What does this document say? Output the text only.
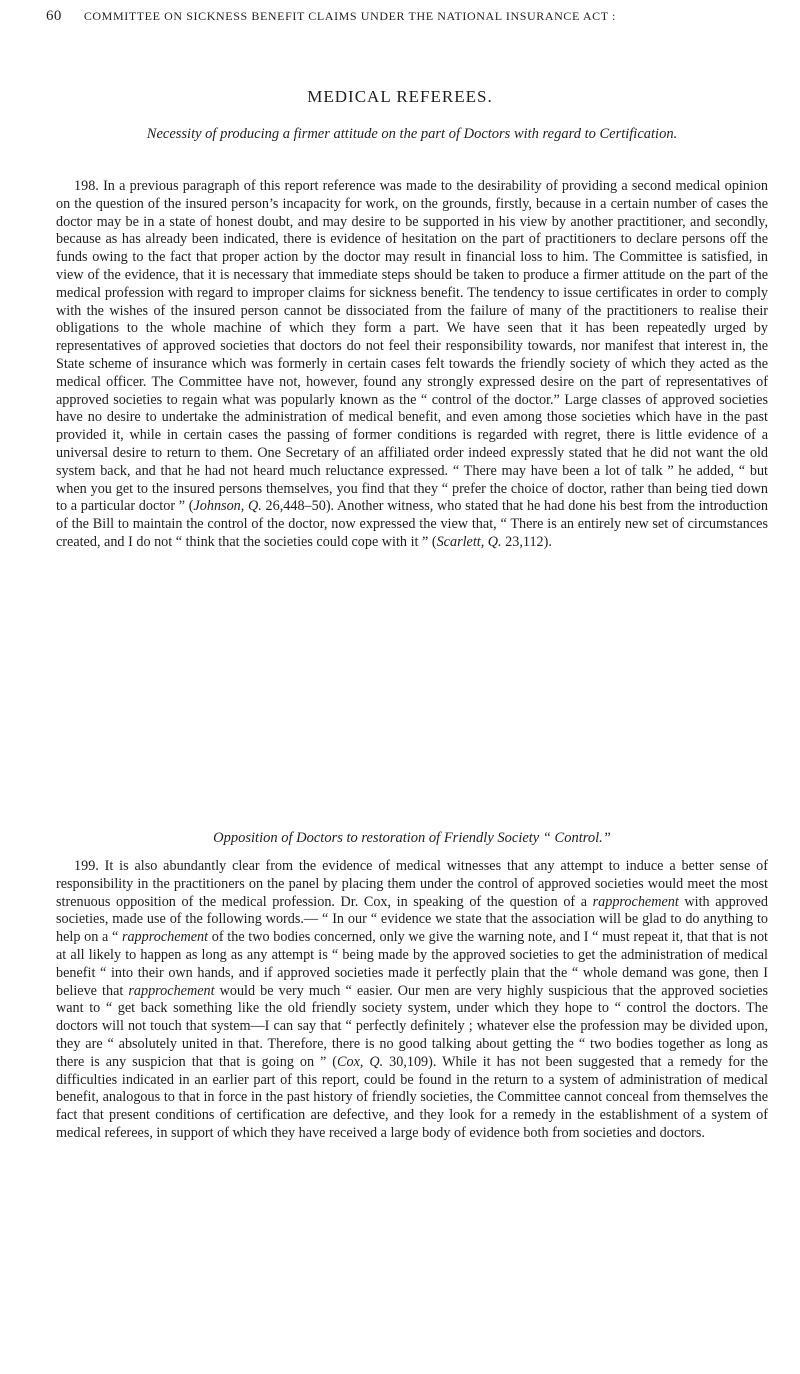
60 COMMITTEE ON SICKNESS BENEFIT CLAIMS UNDER THE NATIONAL INSURANCE ACT :
MEDICAL REFEREES.

Necessity of producing a firmer attitude on the part of Doctors with regard to Certification.

198. In a previous paragraph of this report reference was made to the desirability of providing a second medical opinion on the question of the insured person’s incapacity for work, on the grounds, firstly, because in a certain number of cases the doctor may be in a state of honest doubt, and may desire to be supported in his view by another practitioner, and secondly, because as has already been indicated, there is evidence of hesitation on the part of practitioners to declare persons off the funds owing to the fact that proper action by the doctor may result in financial loss to him. The Committee is satisfied, in view of the evidence, that it is necessary that immediate steps should be taken to produce a firmer attitude on the part of the medical profession with regard to improper claims for sickness benefit. The tendency to issue certificates in order to comply with the wishes of the insured person cannot be dissociated from the failure of many of the practitioners to realise their obligations to the whole machine of which they form a part. We have seen that it has been repeatedly urged by representatives of approved societies that doctors do not feel their responsibility towards, nor manifest that interest in, the State scheme of insurance which was formerly in certain cases felt towards the friendly society of which they acted as the medical officer. The Committee have not, however, found any strongly expressed desire on the part of representatives of approved societies to regain what was popularly known as the “ control of the doctor.” Large classes of approved societies have no desire to undertake the administration of medical benefit, and even among those societies which have in the past provided it, while in certain cases the passing of former conditions is regarded with regret, there is little evidence of a universal desire to return to them. One Secretary of an affiliated order indeed expressly stated that he did not want the old system back, and that he had not heard much reluctance expressed. “ There may have been a lot of talk ” he added, “ but when you get to the insured persons themselves, you find that they “ prefer the choice of doctor, rather than being tied down to a particular doctor ” (Johnson, Q. 26,448–50). Another witness, who stated that he had done his best from the introduction of the Bill to maintain the control of the doctor, now expressed the view that, “ There is an entirely new set of circumstances created, and I do not “ think that the societies could cope with it ” (Scarlett, Q. 23,112).

Opposition of Doctors to restoration of Friendly Society “ Control.”

199. It is also abundantly clear from the evidence of medical witnesses that any attempt to induce a better sense of responsibility in the practitioners on the panel by placing them under the control of approved societies would meet the most strenuous opposition of the medical profession. Dr. Cox, in speaking of the question of a rapprochement with approved societies, made use of the following words.— “ In our “ evidence we state that the association will be glad to do anything to help on a “ rapprochement of the two bodies concerned, only we give the warning note, and I “ must repeat it, that that is not at all likely to happen as long as any attempt is “ being made by the approved societies to get the administration of medical benefit “ into their own hands, and if approved societies made it perfectly plain that the “ whole demand was gone, then I believe that rapprochement would be very much “ easier. Our men are very highly suspicious that the approved societies want to “ get back something like the old friendly society system, under which they hope to “ control the doctors. The doctors will not touch that system—I can say that “ perfectly definitely ; whatever else the profession may be divided upon, they are “ absolutely united in that. Therefore, there is no good talking about getting the “ two bodies together as long as there is any suspicion that that is going on ” (Cox, Q. 30,109). While it has not been suggested that a remedy for the difficulties indicated in an earlier part of this report, could be found in the return to a system of administration of medical benefit, analogous to that in force in the past history of friendly societies, the Committee cannot conceal from themselves the fact that present conditions of certification are defective, and they look for a remedy in the establishment of a system of medical referees, in support of which they have received a large body of evidence both from societies and doctors.
